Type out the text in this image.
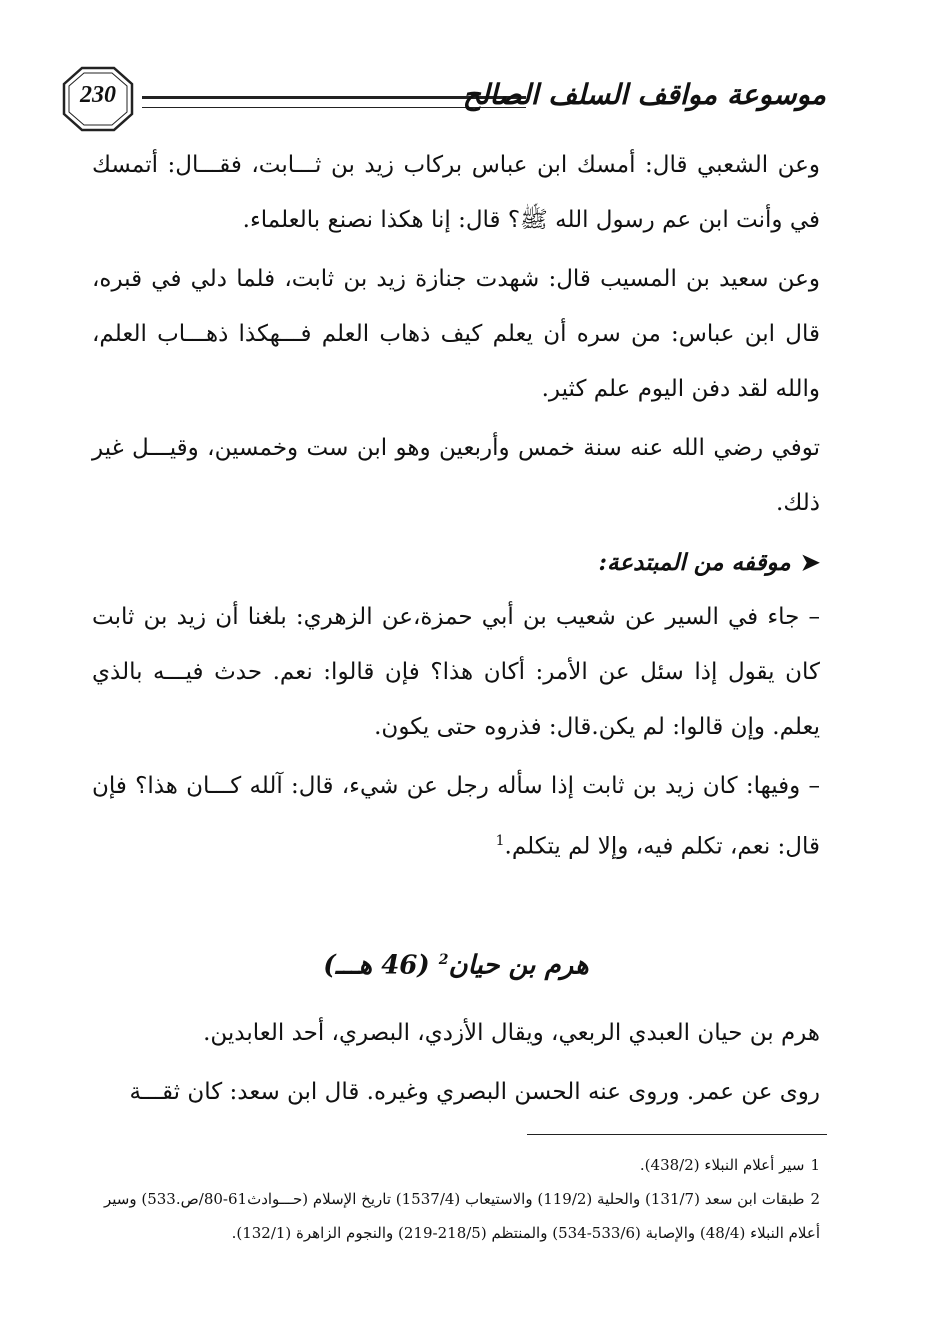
230	موسوعة مواقف السلف الصالح

وعن الشعبي قال: أمسك ابن عباس بركاب زيد بن ثـــابت، فقـــال: أتمسك في وأنت ابن عم رسول الله ﷺ؟ قال: إنا هكذا نصنع بالعلماء.

وعن سعيد بن المسيب قال: شهدت جنازة زيد بن ثابت، فلما دلي في قبره، قال ابن عباس: من سره أن يعلم كيف ذهاب العلم فـــهكذا ذهـــاب العلم، والله لقد دفن اليوم علم كثير.

توفي رضي الله عنه سنة خمس وأربعين وهو ابن ست وخمسين، وقيـــل غير ذلك.

➤موقفه من المبتدعة:

– جاء في السير عن شعيب بن أبي حمزة،عن الزهري: بلغنا أن زيد بن ثابت كان يقول إذا سئل عن الأمر: أكان هذا؟ فإن قالوا: نعم. حدث فيـــه بالذي يعلم. وإن قالوا: لم يكن.قال: فذروه حتى يكون.

– وفيها: كان زيد بن ثابت إذا سأله رجل عن شيء، قال: آلله كـــان هذا؟ فإن قال: نعم، تكلم فيه، وإلا لم يتكلم.$^1$

هرم بن حيان$^2$ (46 هـــ)

هرم بن حيان العبدي الربعي، ويقال الأزدي، البصري، أحد العابدين.

روى عن عمر. وروى عنه الحسن البصري وغيره. قال ابن سعد: كان ثقـــة

1سير أعلام النبلاء (438/2).

2طبقات ابن سعد (131/7) والحلية (119/2) والاستيعاب (1537/4) تاريخ الإسلام (حـــوادث61-80/ص.533) وسير أعلام النبلاء (48/4) والإصابة (533/6-534) والمنتظم (218/5-219) والنجوم الزاهرة (132/1).
